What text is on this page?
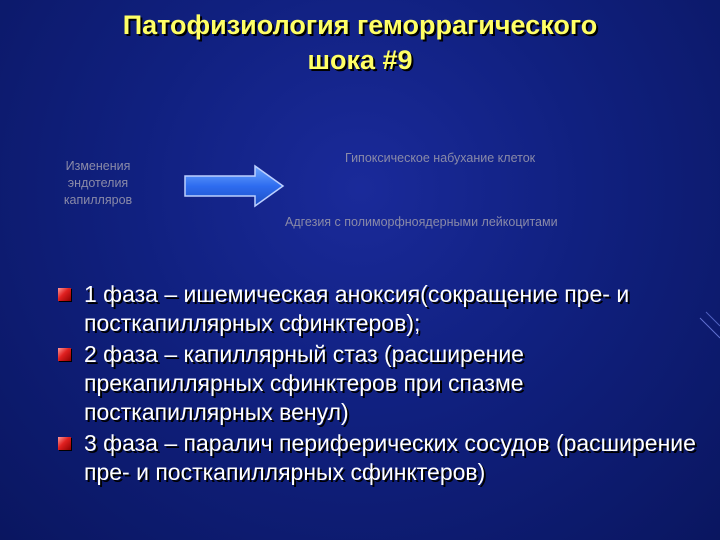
Патофизиология геморрагического
шока #9
Изменения
эндотелия
капилляров
Гипоксическое набухание клеток
Адгезия с полиморфноядерными лейкоцитами
1 фаза – ишемическая аноксия(сокращение пре- и посткапиллярных сфинктеров);
2 фаза – капиллярный стаз (расширение прекапиллярных сфинктеров при спазме посткапиллярных венул)
3 фаза – паралич периферических сосудов (расширение пре- и посткапиллярных сфинктеров)
